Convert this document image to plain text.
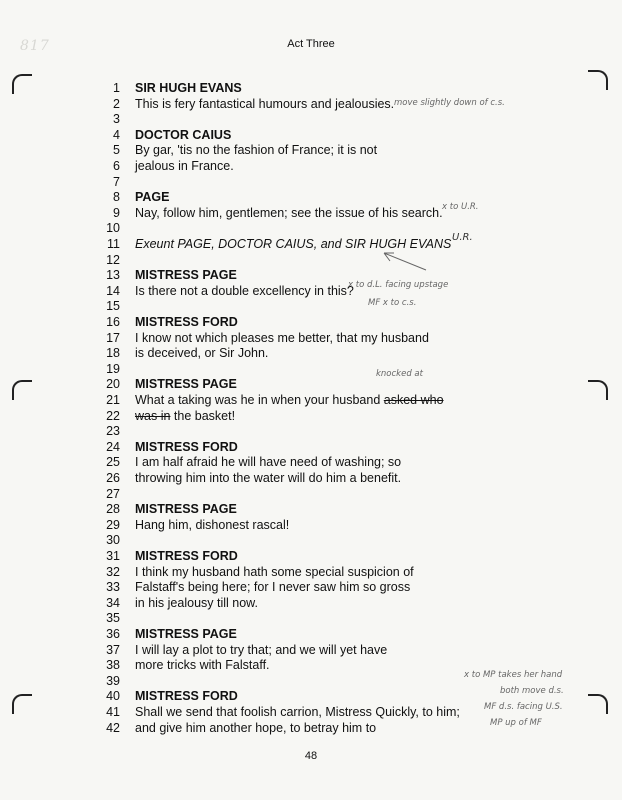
817	Act Three
1 SIR HUGH EVANS
2 This is fery fantastical humours and jealousies.
3
4 DOCTOR CAIUS
5 By gar, 'tis no the fashion of France; it is not
6 jealous in France.
7
8 PAGE
9 Nay, follow him, gentlemen; see the issue of his search.
10
11 Exeunt PAGE, DOCTOR CAIUS, and SIR HUGH EVANS
12
13 MISTRESS PAGE
14 Is there not a double excellency in this?
15
16 MISTRESS FORD
17 I know not which pleases me better, that my husband
18 is deceived, or Sir John.
19
20 MISTRESS PAGE
21 What a taking was he in when your husband asked who
22 was in the basket!
23
24 MISTRESS FORD
25 I am half afraid he will have need of washing; so
26 throwing him into the water will do him a benefit.
27
28 MISTRESS PAGE
29 Hang him, dishonest rascal!
30
31 MISTRESS FORD
32 I think my husband hath some special suspicion of
33 Falstaff's being here; for I never saw him so gross
34 in his jealousy till now.
35
36 MISTRESS PAGE
37 I will lay a plot to try that; and we will yet have
38 more tricks with Falstaff.
39
40 MISTRESS FORD
41 Shall we send that foolish carrion, Mistress Quickly, to him;
42 and give him another hope, to betray him to
move slightly down of c.s.
x to U.R.
U.R.
x to d.L. facing upstage
MF x to c.s.
knocked at
x to MP takes her hand
both move d.s.
MF d.s. facing U.S.
MP up of MF
48
